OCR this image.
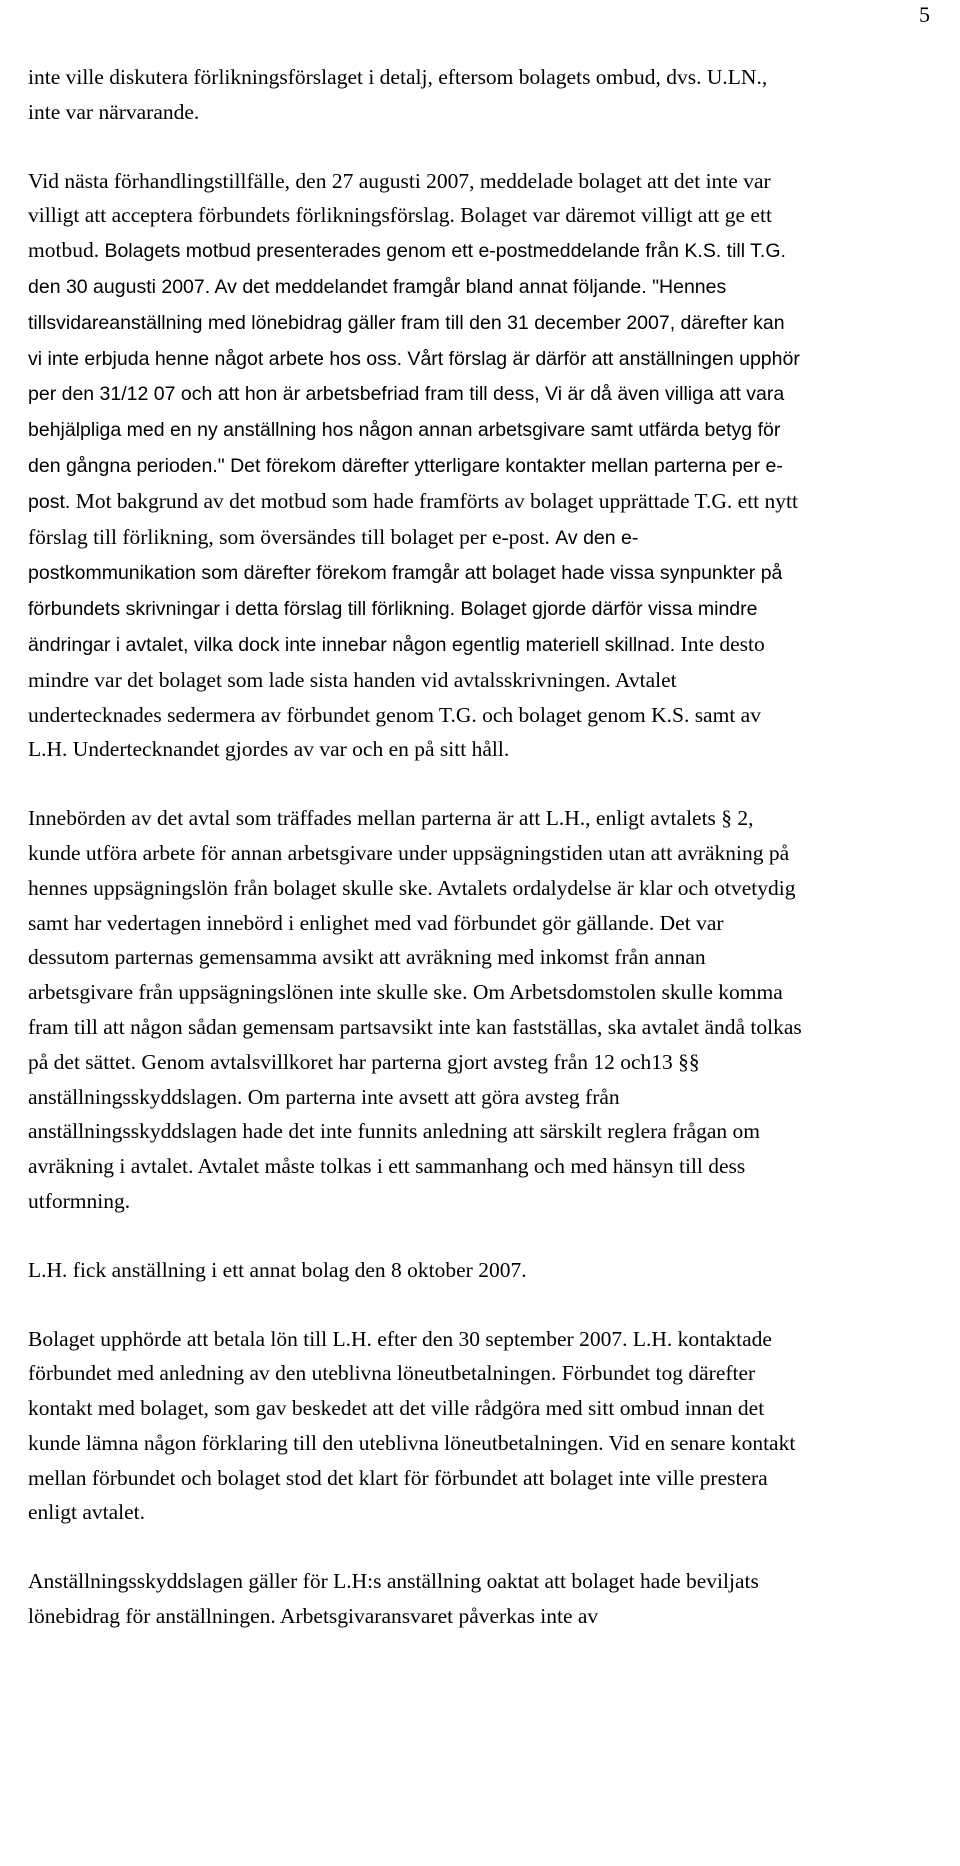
5

inte ville diskutera förlikningsförslaget i detalj, eftersom bolagets ombud, dvs. U.LN., inte var närvarande.

Vid nästa förhandlingstillfälle, den 27 augusti 2007, meddelade bolaget att det inte var villigt att acceptera förbundets förlikningsförslag. Bolaget var däremot villigt att ge ett motbud. Bolagets motbud presenterades genom ett e-postmeddelande från K.S. till T.G. den 30 augusti 2007. Av det meddelandet framgår bland annat följande. "Hennes tillsvidareanställning med lönebidrag gäller fram till den 31 december 2007, därefter kan vi inte erbjuda henne något arbete hos oss. Vårt förslag är därför att anställningen upphör per den 31/12 07 och att hon är arbetsbefriad fram till dess, Vi är då även villiga att vara behjälpliga med en ny anställning hos någon annan arbetsgivare samt utfärda betyg för den gångna perioden." Det förekom därefter ytterligare kontakter mellan parterna per e-post. Mot bakgrund av det motbud som hade framförts av bolaget upprättade T.G. ett nytt förslag till förlikning, som översändes till bolaget per e-post. Av den e-postkommunikation som därefter förekom framgår att bolaget hade vissa synpunkter på förbundets skrivningar i detta förslag till förlikning. Bolaget gjorde därför vissa mindre ändringar i avtalet, vilka dock inte innebar någon egentlig materiell skillnad. Inte desto mindre var det bolaget som lade sista handen vid avtalsskrivningen. Avtalet undertecknades sedermera av förbundet genom T.G. och bolaget genom K.S. samt av L.H. Undertecknandet gjordes av var och en på sitt håll.

Innebörden av det avtal som träffades mellan parterna är att L.H., enligt avtalets § 2, kunde utföra arbete för annan arbetsgivare under uppsägningstiden utan att avräkning på hennes uppsägningslön från bolaget skulle ske. Avtalets ordalydelse är klar och otvetydig samt har vedertagen innebörd i enlighet med vad förbundet gör gällande. Det var dessutom parternas gemensamma avsikt att avräkning med inkomst från annan arbetsgivare från uppsägningslönen inte skulle ske. Om Arbetsdomstolen skulle komma fram till att någon sådan gemensam partsavsikt inte kan fastställas, ska avtalet ändå tolkas på det sättet. Genom avtalsvillkoret har parterna gjort avsteg från 12 och13 §§ anställningsskyddslagen. Om parterna inte avsett att göra avsteg från anställningsskyddslagen hade det inte funnits anledning att särskilt reglera frågan om avräkning i avtalet. Avtalet måste tolkas i ett sammanhang och med hänsyn till dess utformning.

L.H. fick anställning i ett annat bolag den 8 oktober 2007.

Bolaget upphörde att betala lön till L.H. efter den 30 september 2007. L.H. kontaktade förbundet med anledning av den uteblivna löneutbetalningen. Förbundet tog därefter kontakt med bolaget, som gav beskedet att det ville rådgöra med sitt ombud innan det kunde lämna någon förklaring till den uteblivna löneutbetalningen. Vid en senare kontakt mellan förbundet och bolaget stod det klart för förbundet att bolaget inte ville prestera enligt avtalet.

Anställningsskyddslagen gäller för L.H:s anställning oaktat att bolaget hade beviljats lönebidrag för anställningen. Arbetsgivaransvaret påverkas inte av
